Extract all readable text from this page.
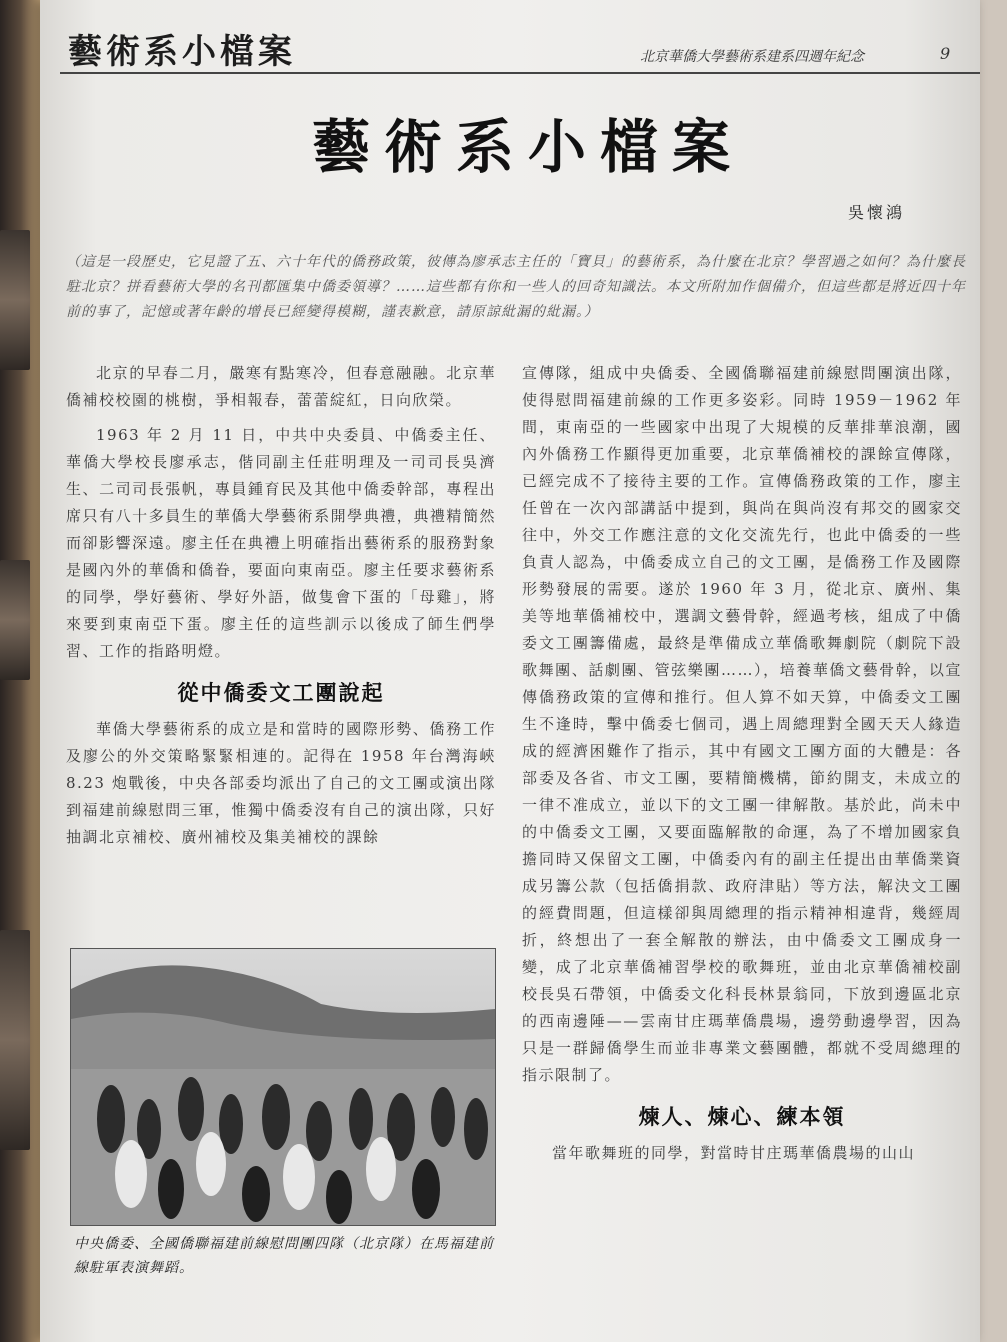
藝術系小檔案	北京華僑大學藝術系建系四週年紀念	9
藝術系小檔案
吳懷鴻
（這是一段歷史，它見證了五、六十年代的僑務政策，彼傳為廖承志主任的「寶貝」的藝術系，為什麼在北京？學習過之如何？為什麼長駐北京？拼看藝術大學的名刊都匯集中僑委領導？……這些都有你和一些人的回奇知識法。本文所附加作個備介，但這些都是將近四十年前的事了，記憶或著年齡的增長已經變得模糊，謹表歉意，請原諒紕漏的紕漏。）

北京的早春二月，嚴寒有點寒冷，但春意融融。北京華僑補校校園的桃樹，爭相報春，蕾蕾綻紅，日向欣榮。

1963 年 2 月 11 日，中共中央委員、中僑委主任、華僑大學校長廖承志，偕同副主任莊明理及一司司長吳濟生、二司司長張帆，專員鍾育民及其他中僑委幹部，專程出席只有八十多員生的華僑大學藝術系開學典禮，典禮精簡然而卻影響深遠。廖主任在典禮上明確指出藝術系的服務對象是國內外的華僑和僑眷，要面向東南亞。廖主任要求藝術系的同學，學好藝術、學好外語，做隻會下蛋的「母雞」，將來要到東南亞下蛋。廖主任的這些訓示以後成了師生們學習、工作的指路明燈。

從中僑委文工團說起

華僑大學藝術系的成立是和當時的國際形勢、僑務工作及廖公的外交策略緊緊相連的。記得在 1958 年台灣海峽 8.23 炮戰後，中央各部委均派出了自己的文工團或演出隊到福建前線慰問三軍，惟獨中僑委沒有自己的演出隊，只好抽調北京補校、廣州補校及集美補校的課餘

中央僑委、全國僑聯福建前線慰問團四隊（北京隊）在馬福建前線駐軍表演舞蹈。

宣傳隊，組成中央僑委、全國僑聯福建前線慰問團演出隊，使得慰問福建前線的工作更多姿彩。同時 1959－1962 年間，東南亞的一些國家中出現了大規模的反華排華浪潮，國內外僑務工作顯得更加重要，北京華僑補校的課餘宣傳隊，已經完成不了接待主要的工作。宣傳僑務政策的工作，廖主任曾在一次內部講話中提到，與尚在與尚沒有邦交的國家交往中，外交工作應注意的文化交流先行，也此中僑委的一些負責人認為，中僑委成立自己的文工團，是僑務工作及國際形勢發展的需要。遂於 1960 年 3 月，從北京、廣州、集美等地華僑補校中，選調文藝骨幹，經過考核，組成了中僑委文工團籌備處，最終是準備成立華僑歌舞劇院（劇院下設歌舞團、話劇團、管弦樂團……），培養華僑文藝骨幹，以宣傳僑務政策的宣傳和推行。但人算不如天算，中僑委文工團生不逢時，擊中僑委七個司，遇上周總理對全國天天人緣造成的經濟困難作了指示，其中有國文工團方面的大體是：各部委及各省、市文工團，要精簡機構，節約開支，未成立的一律不准成立，並以下的文工團一律解散。基於此，尚未中的中僑委文工團，又要面臨解散的命運，為了不增加國家負擔同時又保留文工團，中僑委內有的副主任提出由華僑業資成另籌公款（包括僑捐款、政府津貼）等方法，解決文工團的經費問題，但這樣卻與周總理的指示精神相違背，幾經周折，終想出了一套全解散的辦法，由中僑委文工團成身一變，成了北京華僑補習學校的歌舞班，並由北京華僑補校副校長吳石帶領，中僑委文化科長林景翁同，下放到邊區北京的西南邊陲——雲南甘庄瑪華僑農場，邊勞動邊學習，因為只是一群歸僑學生而並非專業文藝團體，都就不受周總理的指示限制了。

煉人、煉心、練本領

當年歌舞班的同學，對當時甘庄瑪華僑農場的山山
